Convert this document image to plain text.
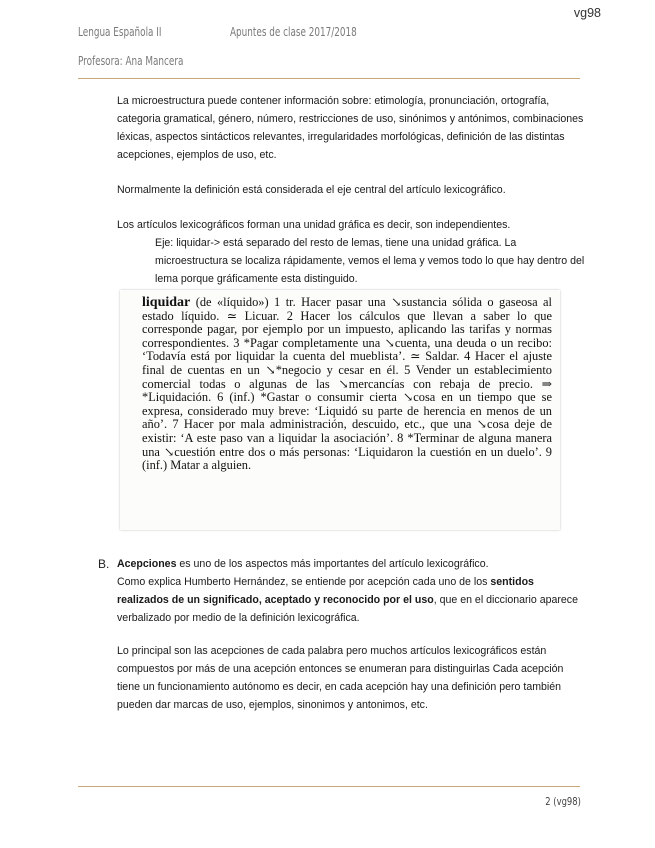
vg98
Lengua Española II	Apuntes de clase 2017/2018
Profesora: Ana Mancera

La microestructura puede contener información sobre: etimología, pronunciación, ortografía, categoria gramatical, género, número, restricciones de uso, sinónimos y antónimos, combinaciones léxicas, aspectos sintácticos relevantes, irregularidades morfológicas, definición de las distintas acepciones, ejemplos de uso, etc.

Normalmente la definición está considerada el eje central del artículo lexicográfico.

Los artículos lexicográficos forman una unidad gráfica es decir, son independientes.

Eje: liquidar-> está separado del resto de lemas, tiene una unidad gráfica. La microestructura se localiza rápidamente, vemos el lema y vemos todo lo que hay dentro del lema porque gráficamente esta distinguido.

liquidar (de «líquido») 1 tr. Hacer pasar una ↘sustancia sólida o gaseosa al estado líquido. ≃ Licuar. 2 Hacer los cálculos que llevan a saber lo que corresponde pagar, por ejemplo por un impuesto, aplicando las tarifas y normas correspondientes. 3 *Pagar completamente una ↘cuenta, una deuda o un recibo: ‘Todavía está por liquidar la cuenta del mueblista’. ≃ Saldar. 4 Hacer el ajuste final de cuentas en un ↘*negocio y cesar en él. 5 Vender un establecimiento comercial todas o algunas de las ↘mercancías con rebaja de precio. ⇒ *Liquidación. 6 (inf.) *Gastar o consumir cierta ↘cosa en un tiempo que se expresa, considerado muy breve: ‘Liquidó su parte de herencia en menos de un año’. 7 Hacer por mala administración, descuido, etc., que una ↘cosa deje de existir: ‘A este paso van a liquidar la asociación’. 8 *Terminar de alguna manera una ↘cuestión entre dos o más personas: ‘Liquidaron la cuestión en un duelo’. 9 (inf.) Matar a alguien.
B. Acepciones es uno de los aspectos más importantes del artículo lexicográfico.
Como explica Humberto Hernández, se entiende por acepción cada uno de los sentidos realizados de un significado, aceptado y reconocido por el uso, que en el diccionario aparece verbalizado por medio de la definición lexicográfica.

Lo principal son las acepciones de cada palabra pero muchos artículos lexicográficos están compuestos por más de una acepción entonces se enumeran para distinguirlas Cada acepción tiene un funcionamiento autónomo es decir, en cada acepción hay una definición pero también pueden dar marcas de uso, ejemplos, sinonimos y antonimos, etc.

2 (vg98)
